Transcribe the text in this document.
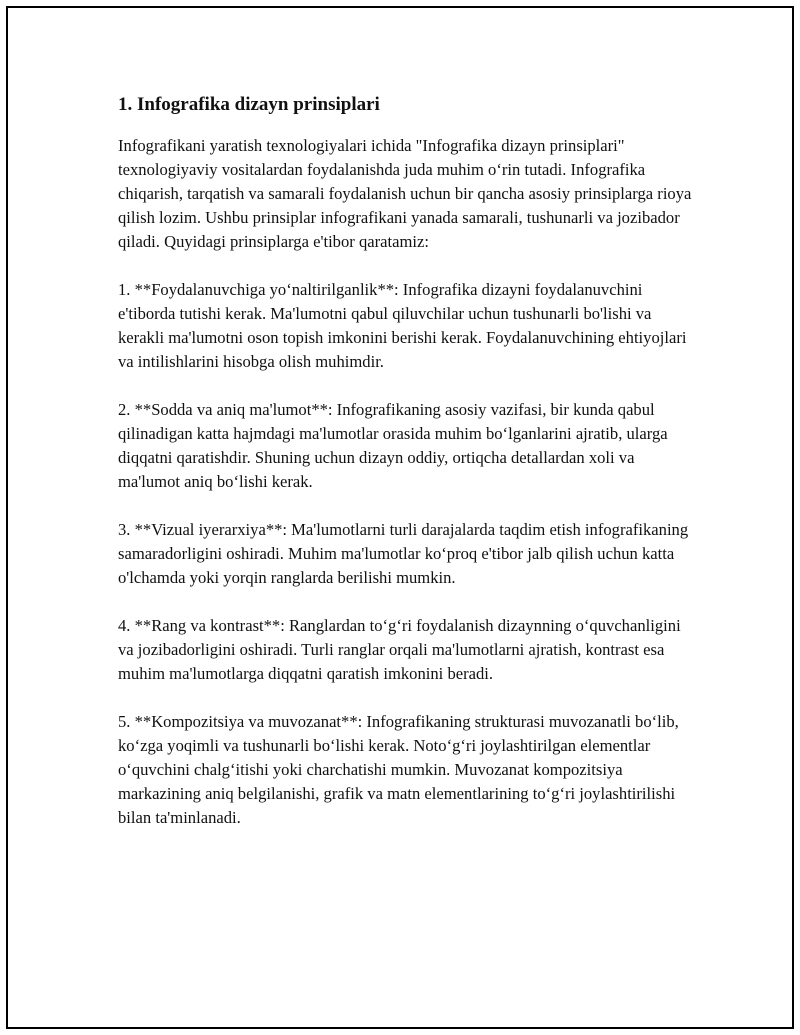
1. Infografika dizayn prinsiplari

Infografikani yaratish texnologiyalari ichida "Infografika dizayn prinsiplari" texnologiyaviy vositalardan foydalanishda juda muhim o‘rin tutadi. Infografika chiqarish, tarqatish va samarali foydalanish uchun bir qancha asosiy prinsiplarga rioya qilish lozim. Ushbu prinsiplar infografikani yanada samarali, tushunarli va jozibador qiladi. Quyidagi prinsiplarga e'tibor qaratamiz:

1. **Foydalanuvchiga yo‘naltirilganlik**: Infografika dizayni foydalanuvchini e'tiborda tutishi kerak. Ma'lumotni qabul qiluvchilar uchun tushunarli bo'lishi va kerakli ma'lumotni oson topish imkonini berishi kerak. Foydalanuvchining ehtiyojlari va intilishlarini hisobga olish muhimdir.

2. **Sodda va aniq ma'lumot**: Infografikaning asosiy vazifasi, bir kunda qabul qilinadigan katta hajmdagi ma'lumotlar orasida muhim bo‘lganlarini ajratib, ularga diqqatni qaratishdir. Shuning uchun dizayn oddiy, ortiqcha detallardan xoli va ma'lumot aniq bo‘lishi kerak.

3. **Vizual iyerarxiya**: Ma'lumotlarni turli darajalarda taqdim etish infografikaning samaradorligini oshiradi. Muhim ma'lumotlar ko‘proq e'tibor jalb qilish uchun katta o'lchamda yoki yorqin ranglarda berilishi mumkin.

4. **Rang va kontrast**: Ranglardan to‘g‘ri foydalanish dizaynning o‘quvchanligini va jozibadorligini oshiradi. Turli ranglar orqali ma'lumotlarni ajratish, kontrast esa muhim ma'lumotlarga diqqatni qaratish imkonini beradi.

5. **Kompozitsiya va muvozanat**: Infografikaning strukturasi muvozanatli bo‘lib, ko‘zga yoqimli va tushunarli bo‘lishi kerak. Noto‘g‘ri joylashtirilgan elementlar o‘quvchini chalg‘itishi yoki charchatishi mumkin. Muvozanat kompozitsiya markazining aniq belgilanishi, grafik va matn elementlarining to‘g‘ri joylashtirilishi bilan ta'minlanadi.
